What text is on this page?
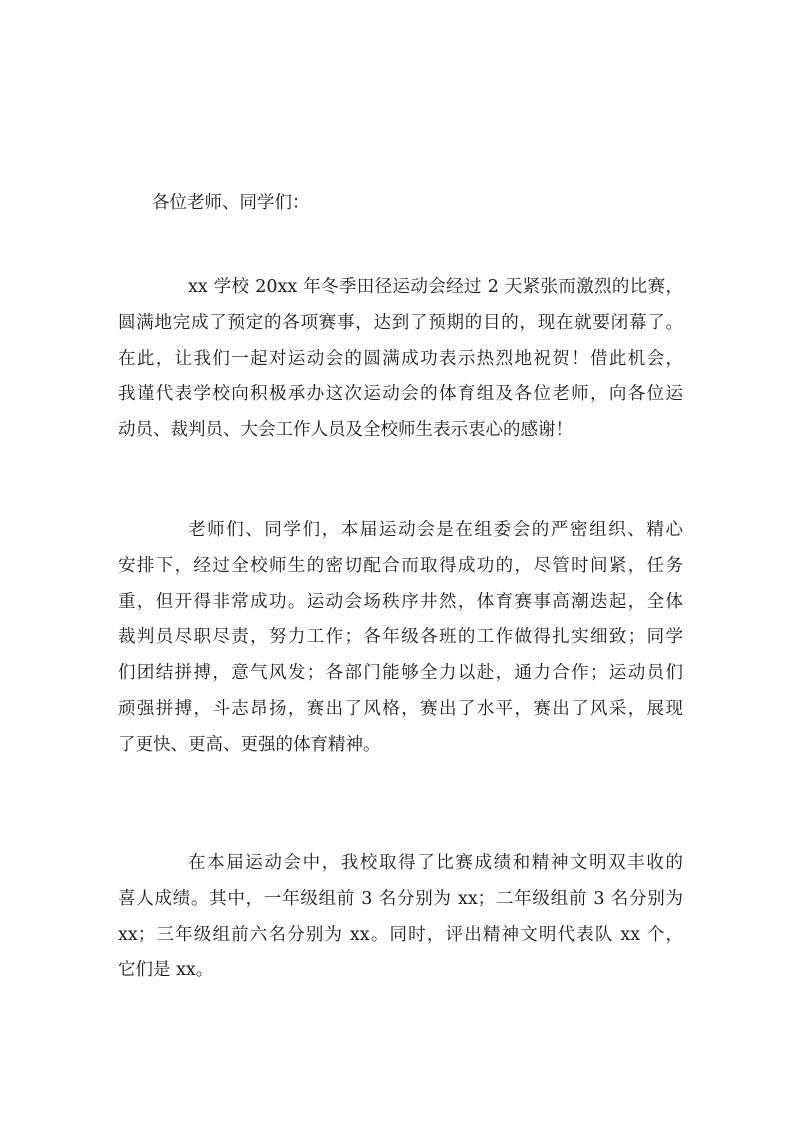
各位老师、同学们：

xx 学校 20xx 年冬季田径运动会经过 2 天紧张而激烈的比赛，
圆满地完成了预定的各项赛事，达到了预期的目的，现在就要闭幕了。
在此，让我们一起对运动会的圆满成功表示热烈地祝贺！借此机会，
我谨代表学校向积极承办这次运动会的体育组及各位老师，向各位运
动员、裁判员、大会工作人员及全校师生表示衷心的感谢！
老师们、同学们，本届运动会是在组委会的严密组织、精心
安排下，经过全校师生的密切配合而取得成功的，尽管时间紧，任务
重，但开得非常成功。运动会场秩序井然，体育赛事高潮迭起，全体
裁判员尽职尽责，努力工作；各年级各班的工作做得扎实细致；同学
们团结拼搏，意气风发；各部门能够全力以赴，通力合作；运动员们
顽强拼搏，斗志昂扬，赛出了风格，赛出了水平，赛出了风采，展现
了更快、更高、更强的体育精神。
在本届运动会中，我校取得了比赛成绩和精神文明双丰收的
喜人成绩。其中，一年级组前 3 名分别为 xx；二年级组前 3 名分别为
xx；三年级组前六名分别为 xx。同时，评出精神文明代表队 xx 个，
它们是 xx。
